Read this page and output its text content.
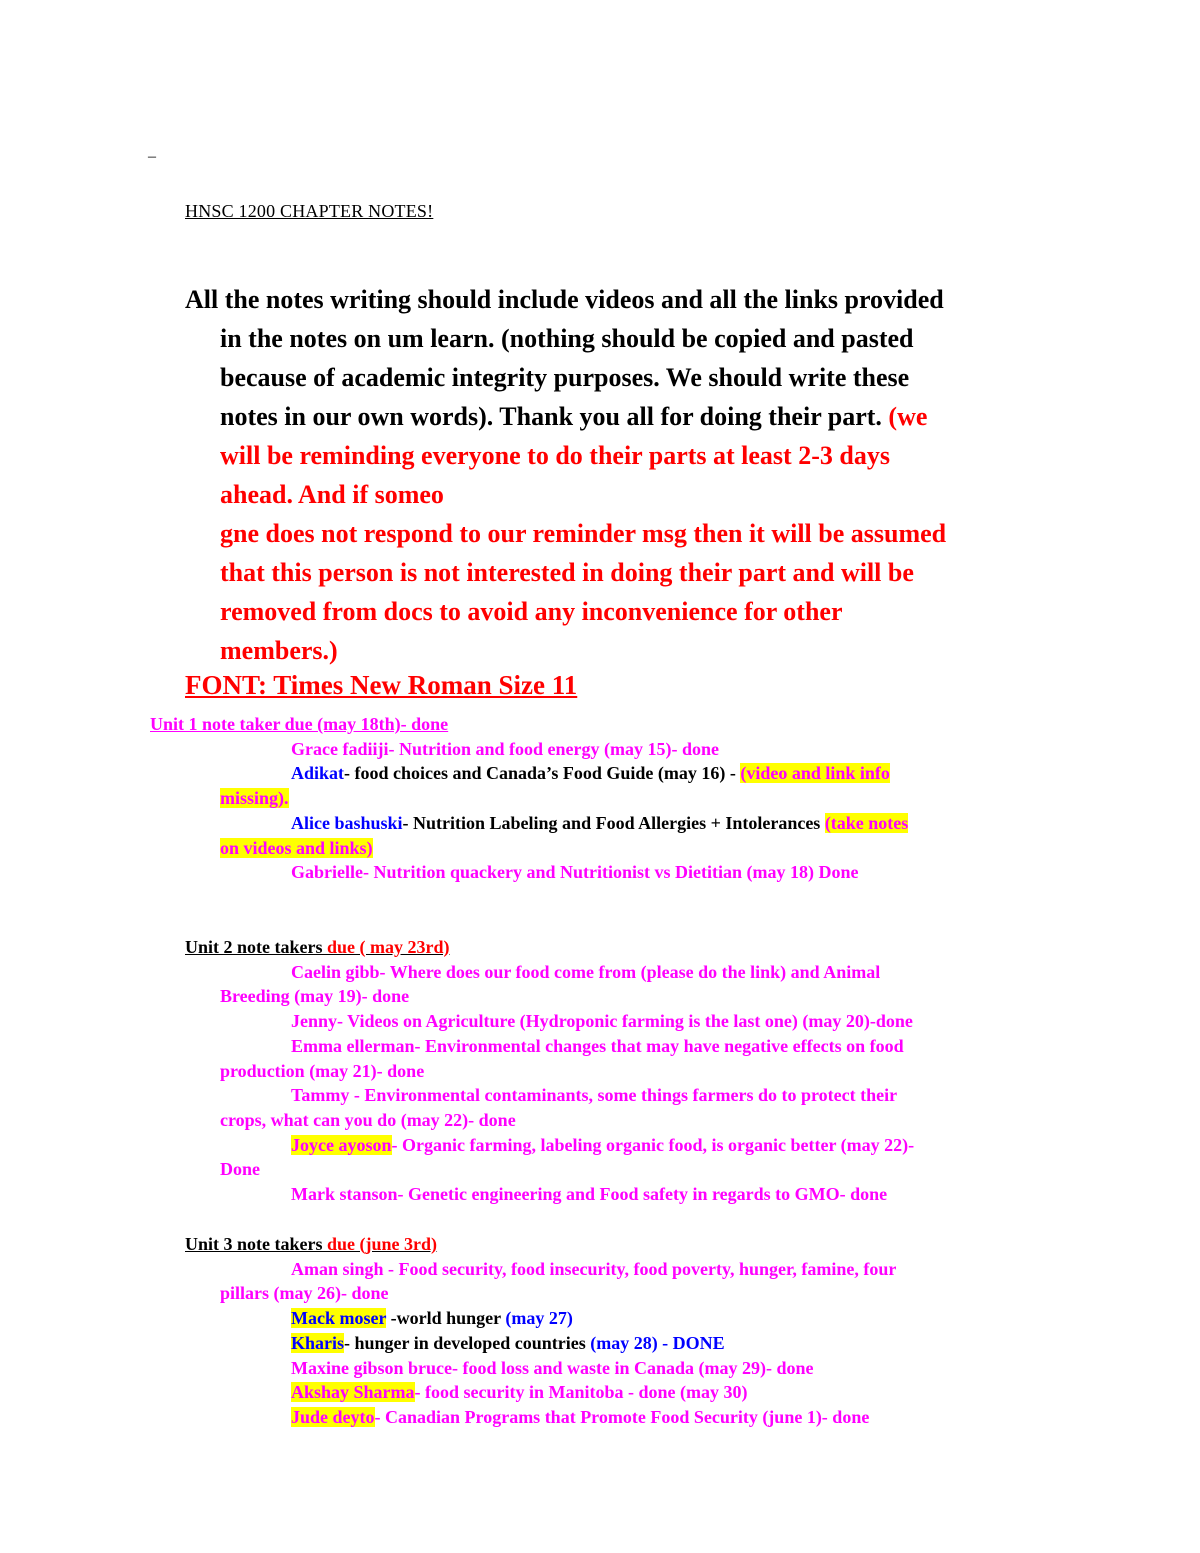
–
HNSC 1200 CHAPTER NOTES!
All the notes writing should include videos and all the links provided
in the notes on um learn. (nothing should be copied and pasted
because of academic integrity purposes. We should write these
notes in our own words). Thank you all for doing their part. (we
will be reminding everyone to do their parts at least 2-3 days
ahead. And if someo
gne does not respond to our reminder msg then it will be assumed
that this person is not interested in doing their part and will be
removed from docs to avoid any inconvenience for other
members.)
FONT: Times New Roman Size 11
Unit 1 note taker due (may 18th)- done
Grace fadiiji- Nutrition and food energy (may 15)- done
Adikat- food choices and Canada’s Food Guide (may 16) - (video and link info
missing).
Alice bashuski- Nutrition Labeling and Food Allergies + Intolerances (take notes
on videos and links)
Gabrielle- Nutrition quackery and Nutritionist vs Dietitian (may 18) Done
Unit 2 note takers due ( may 23rd)
Caelin gibb- Where does our food come from (please do the link) and Animal
Breeding (may 19)- done
Jenny- Videos on Agriculture (Hydroponic farming is the last one) (may 20)-done
Emma ellerman- Environmental changes that may have negative effects on food
production (may 21)- done
Tammy - Environmental contaminants, some things farmers do to protect their
crops, what can you do (may 22)- done
Joyce ayoson- Organic farming, labeling organic food, is organic better (may 22)-
Done
Mark stanson- Genetic engineering and Food safety in regards to GMO- done
Unit 3 note takers due (june 3rd)
Aman singh - Food security, food insecurity, food poverty, hunger, famine, four
pillars (may 26)- done
Mack moser -world hunger (may 27)
Kharis- hunger in developed countries (may 28) - DONE
Maxine gibson bruce- food loss and waste in Canada (may 29)- done
Akshay Sharma- food security in Manitoba - done (may 30)
Jude deyto- Canadian Programs that Promote Food Security (june 1)- done
